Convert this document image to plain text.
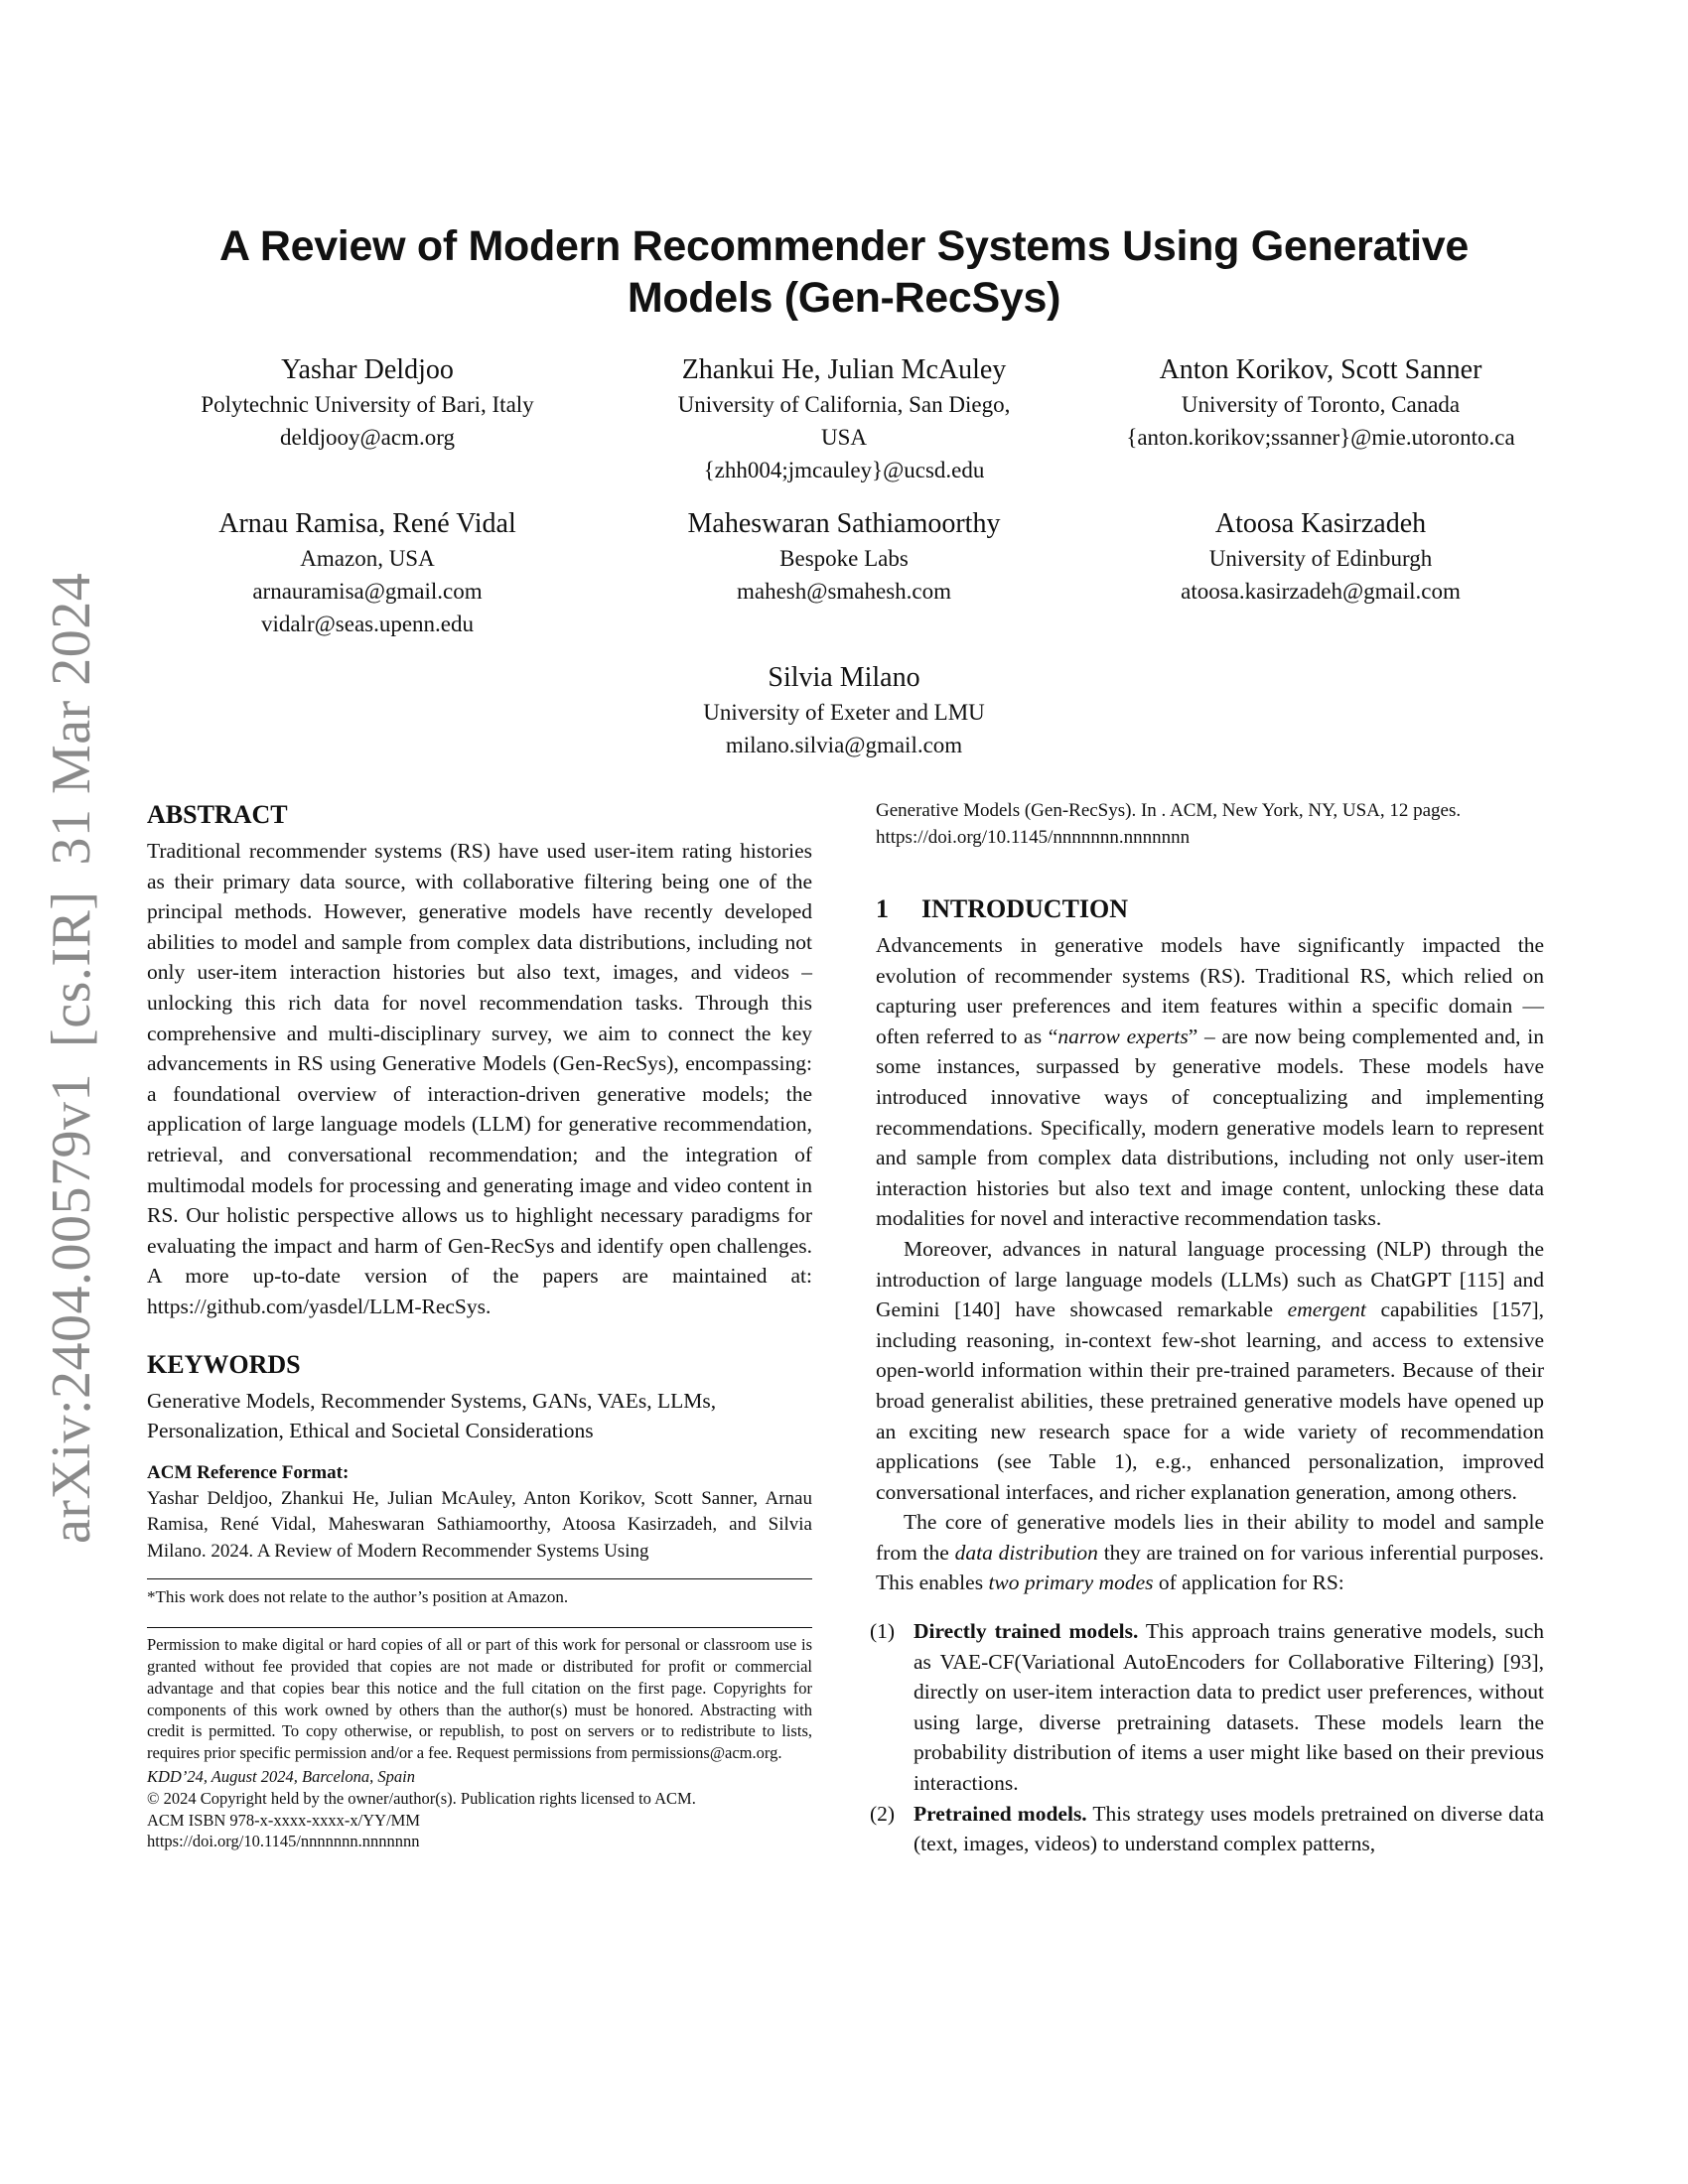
arXiv:2404.00579v1[cs.IR]31 Mar 2024
A Review of Modern Recommender Systems Using Generative Models (Gen-RecSys)
Yashar Deldjoo
Polytechnic University of Bari, Italy
deldjooy@acm.org
Zhankui He, Julian McAuley
University of California, San Diego,
USA
{zhh004;jmcauley}@ucsd.edu
Anton Korikov, Scott Sanner
University of Toronto, Canada
{anton.korikov;ssanner}@mie.utoronto.ca
Arnau Ramisa, René Vidal
Amazon, USA
arnauramisa@gmail.com
vidalr@seas.upenn.edu
Maheswaran Sathiamoorthy
Bespoke Labs
mahesh@smahesh.com
Atoosa Kasirzadeh
University of Edinburgh
atoosa.kasirzadeh@gmail.com
Silvia Milano
University of Exeter and LMU
milano.silvia@gmail.com
ABSTRACT

Traditional recommender systems (RS) have used user-item rating histories as their primary data source, with collaborative filtering being one of the principal methods. However, generative models have recently developed abilities to model and sample from complex data distributions, including not only user-item interaction histories but also text, images, and videos – unlocking this rich data for novel recommendation tasks. Through this comprehensive and multi-disciplinary survey, we aim to connect the key advancements in RS using Generative Models (Gen-RecSys), encompassing: a foundational overview of interaction-driven generative models; the application of large language models (LLM) for generative recommendation, retrieval, and conversational recommendation; and the integration of multimodal models for processing and generating image and video content in RS. Our holistic perspective allows us to highlight necessary paradigms for evaluating the impact and harm of Gen-RecSys and identify open challenges. A more up-to-date version of the papers are maintained at: https://github.com/yasdel/LLM-RecSys.

KEYWORDS

Generative Models, Recommender Systems, GANs, VAEs, LLMs, Personalization, Ethical and Societal Considerations

ACM Reference Format:

Yashar Deldjoo, Zhankui He, Julian McAuley, Anton Korikov, Scott Sanner, Arnau Ramisa, René Vidal, Maheswaran Sathiamoorthy, Atoosa Kasirzadeh, and Silvia Milano. 2024. A Review of Modern Recommender Systems Using

*This work does not relate to the author’s position at Amazon.

Permission to make digital or hard copies of all or part of this work for personal or classroom use is granted without fee provided that copies are not made or distributed for profit or commercial advantage and that copies bear this notice and the full citation on the first page. Copyrights for components of this work owned by others than the author(s) must be honored. Abstracting with credit is permitted. To copy otherwise, or republish, to post on servers or to redistribute to lists, requires prior specific permission and/or a fee. Request permissions from permissions@acm.org.

KDD’24, August 2024, Barcelona, Spain

© 2024 Copyright held by the owner/author(s). Publication rights licensed to ACM.

ACM ISBN 978-x-xxxx-xxxx-x/YY/MM

https://doi.org/10.1145/nnnnnnn.nnnnnnn

Generative Models (Gen-RecSys). In . ACM, New York, NY, USA, 12 pages.

https://doi.org/10.1145/nnnnnnn.nnnnnnn

1 INTRODUCTION

Advancements in generative models have significantly impacted the evolution of recommender systems (RS). Traditional RS, which relied on capturing user preferences and item features within a specific domain — often referred to as “narrow experts” – are now being complemented and, in some instances, surpassed by generative models. These models have introduced innovative ways of conceptualizing and implementing recommendations. Specifically, modern generative models learn to represent and sample from complex data distributions, including not only user-item interaction histories but also text and image content, unlocking these data modalities for novel and interactive recommendation tasks.

Moreover, advances in natural language processing (NLP) through the introduction of large language models (LLMs) such as ChatGPT [115] and Gemini [140] have showcased remarkable emergent capabilities [157], including reasoning, in-context few-shot learning, and access to extensive open-world information within their pre-trained parameters. Because of their broad generalist abilities, these pretrained generative models have opened up an exciting new research space for a wide variety of recommendation applications (see Table 1), e.g., enhanced personalization, improved conversational interfaces, and richer explanation generation, among others.

The core of generative models lies in their ability to model and sample from the data distribution they are trained on for various inferential purposes. This enables two primary modes of application for RS:

(1) Directly trained models. This approach trains generative models, such as VAE-CF(Variational AutoEncoders for Collaborative Filtering) [93], directly on user-item interaction data to predict user preferences, without using large, diverse pretraining datasets. These models learn the probability distribution of items a user might like based on their previous interactions.
(2) Pretrained models. This strategy uses models pretrained on diverse data (text, images, videos) to understand complex patterns,
